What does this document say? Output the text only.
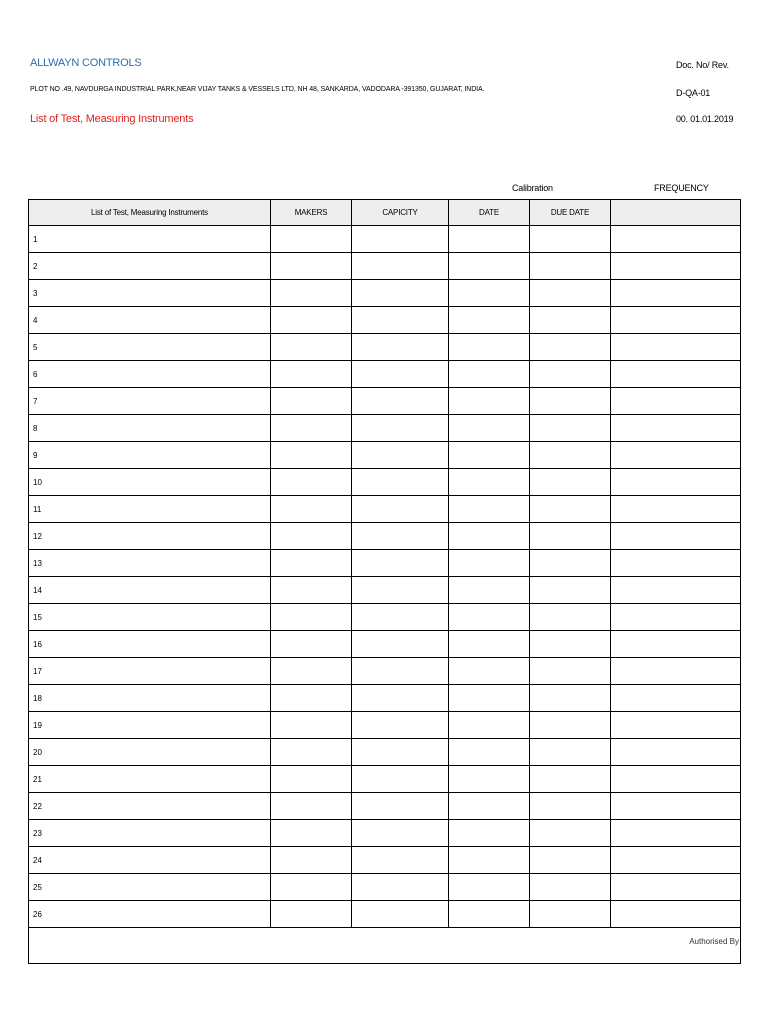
ALLWAYN CONTROLS
PLOT NO .49, NAVDURGA INDUSTRIAL PARK,NEAR VIJAY TANKS & VESSELS LTD, NH 48, SANKARDA, VADODARA -391350, GUJARAT, INDIA.
List of Test, Measuring Instruments
Doc. No/ Rev.
D-QA-01
00. 01.01.2019
Calibration	FREQUENCY
List of Test, Measuring Instruments	MAKERS	CAPICITY	DATE	DUE DATE	
1					
2					
3					
4					
5					
6					
7					
8					
9					
10					
11					
12					
13					
14					
15					
16					
17					
18					
19					
20					
21					
22					
23					
24					
25					
26					
Authorised By					
